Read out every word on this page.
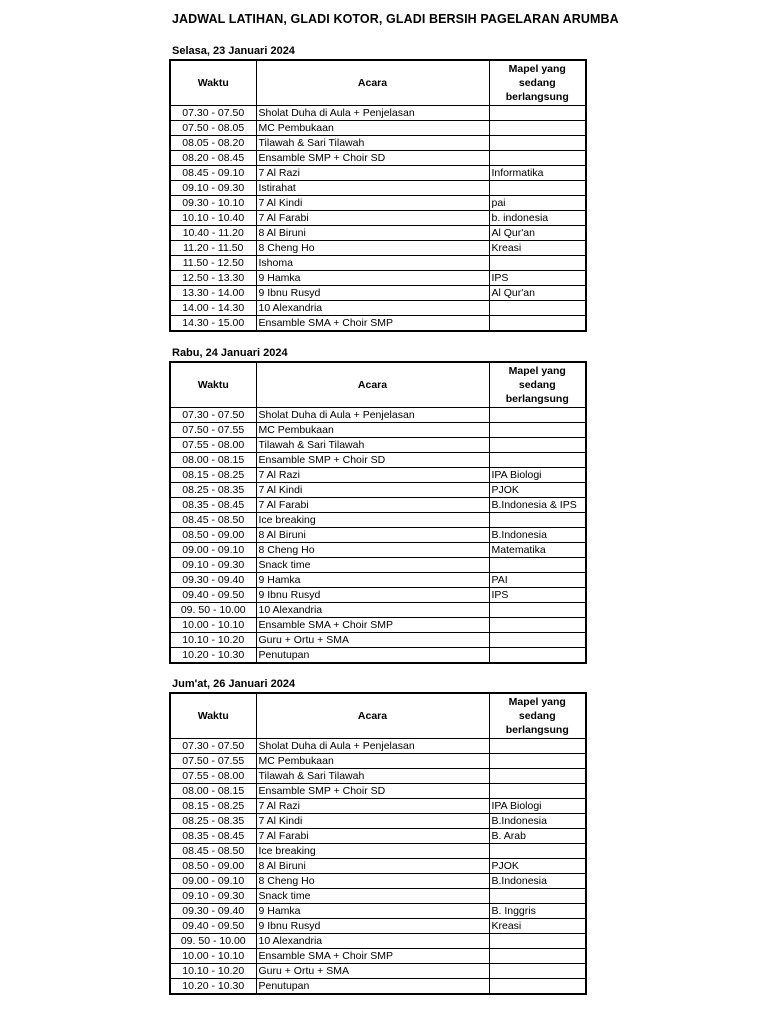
JADWAL LATIHAN, GLADI KOTOR, GLADI BERSIH PAGELARAN ARUMBA
Selasa, 23 Januari 2024
Waktu	Acara	Mapel yang
sedang
berlangsung

07.30 - 07.50	Sholat Duha di Aula + Penjelasan	
07.50 - 08.05	MC Pembukaan	
08.05 - 08.20	Tilawah & Sari Tilawah	
08.20 - 08.45	Ensamble SMP + Choir SD	
08.45 - 09.10	7 Al Razi	Informatika
09.10 - 09.30	Istirahat	
09.30 - 10.10	7 Al Kindi	pai
10.10 - 10.40	7 Al Farabi	b. indonesia
10.40 - 11.20	8 Al Biruni	Al Qur'an
11.20 - 11.50	8 Cheng Ho	Kreasi
11.50 - 12.50	Ishoma	
12.50 - 13.30	9 Hamka	IPS
13.30 - 14.00	9 Ibnu Rusyd	Al Qur'an
14.00 - 14.30	10 Alexandria	
14.30 - 15.00	Ensamble SMA + Choir SMP	
Rabu, 24 Januari 2024
Waktu	Acara	Mapel yang
sedang
berlangsung

07.30 - 07.50	Sholat Duha di Aula + Penjelasan	
07.50 - 07.55	MC Pembukaan	
07.55 - 08.00	Tilawah & Sari Tilawah	
08.00 - 08.15	Ensamble SMP + Choir SD	
08.15 - 08.25	7 Al Razi	IPA Biologi
08.25 - 08.35	7 Al Kindi	PJOK
08.35 - 08.45	7 Al Farabi	B.Indonesia & IPS
08.45 - 08.50	Ice breaking	
08.50 - 09.00	8 Al Biruni	B.Indonesia
09.00 - 09.10	8 Cheng Ho	Matematika
09.10 - 09.30	Snack time	
09.30 - 09.40	9 Hamka	PAI
09.40 - 09.50	9 Ibnu Rusyd	IPS
09. 50 - 10.00	10 Alexandria	
10.00 - 10.10	Ensamble SMA + Choir SMP	
10.10 - 10.20	Guru + Ortu + SMA	
10.20 - 10.30	Penutupan	
Jum'at, 26 Januari 2024
Waktu	Acara	Mapel yang
sedang
berlangsung

07.30 - 07.50	Sholat Duha di Aula + Penjelasan	
07.50 - 07.55	MC Pembukaan	
07.55 - 08.00	Tilawah & Sari Tilawah	
08.00 - 08.15	Ensamble SMP + Choir SD	
08.15 - 08.25	7 Al Razi	IPA Biologi
08.25 - 08.35	7 Al Kindi	B.Indonesia
08.35 - 08.45	7 Al Farabi	B. Arab
08.45 - 08.50	Ice breaking	
08.50 - 09.00	8 Al Biruni	PJOK
09.00 - 09.10	8 Cheng Ho	B.Indonesia
09.10 - 09.30	Snack time	
09.30 - 09.40	9 Hamka	B. Inggris
09.40 - 09.50	9 Ibnu Rusyd	Kreasi
09. 50 - 10.00	10 Alexandria	
10.00 - 10.10	Ensamble SMA + Choir SMP	
10.10 - 10.20	Guru + Ortu + SMA	
10.20 - 10.30	Penutupan	
